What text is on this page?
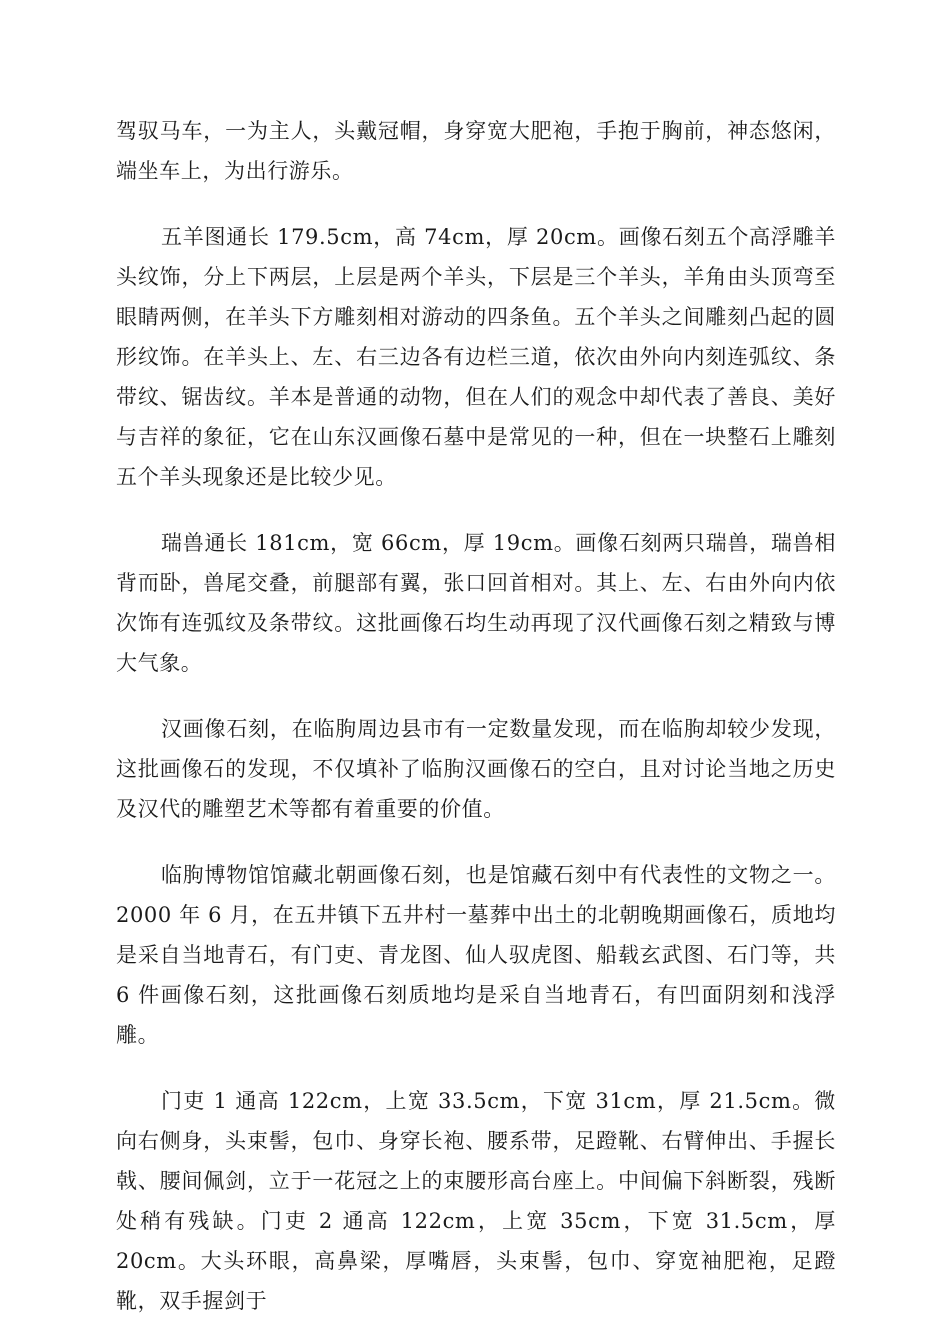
驾驭马车，一为主人，头戴冠帽，身穿宽大肥袍，手抱于胸前，神态悠闲，端坐车上，为出行游乐。

五羊图通长 179.5cm，高 74cm，厚 20cm。画像石刻五个高浮雕羊头纹饰，分上下两层，上层是两个羊头，下层是三个羊头，羊角由头顶弯至眼睛两侧，在羊头下方雕刻相对游动的四条鱼。五个羊头之间雕刻凸起的圆形纹饰。在羊头上、左、右三边各有边栏三道，依次由外向内刻连弧纹、条带纹、锯齿纹。羊本是普通的动物，但在人们的观念中却代表了善良、美好与吉祥的象征，它在山东汉画像石墓中是常见的一种，但在一块整石上雕刻五个羊头现象还是比较少见。

瑞兽通长 181cm，宽 66cm，厚 19cm。画像石刻两只瑞兽，瑞兽相背而卧，兽尾交叠，前腿部有翼，张口回首相对。其上、左、右由外向内依次饰有连弧纹及条带纹。这批画像石均生动再现了汉代画像石刻之精致与博大气象。

汉画像石刻，在临朐周边县市有一定数量发现，而在临朐却较少发现，这批画像石的发现，不仅填补了临朐汉画像石的空白，且对讨论当地之历史及汉代的雕塑艺术等都有着重要的价值。

临朐博物馆馆藏北朝画像石刻，也是馆藏石刻中有代表性的文物之一。2000 年 6 月，在五井镇下五井村一墓葬中出土的北朝晚期画像石，质地均是采自当地青石，有门吏、青龙图、仙人驭虎图、船载玄武图、石门等，共 6 件画像石刻，这批画像石刻质地均是采自当地青石，有凹面阴刻和浅浮雕。

门吏 1 通高 122cm，上宽 33.5cm，下宽 31cm，厚 21.5cm。微向右侧身，头束髻，包巾、身穿长袍、腰系带，足蹬靴、右臂伸出、手握长戟、腰间佩剑，立于一花冠之上的束腰形高台座上。中间偏下斜断裂，残断处稍有残缺。门吏 2 通高 122cm，上宽 35cm，下宽 31.5cm，厚 20cm。大头环眼，高鼻梁，厚嘴唇，头束髻，包巾、穿宽袖肥袍，足蹬靴，双手握剑于
